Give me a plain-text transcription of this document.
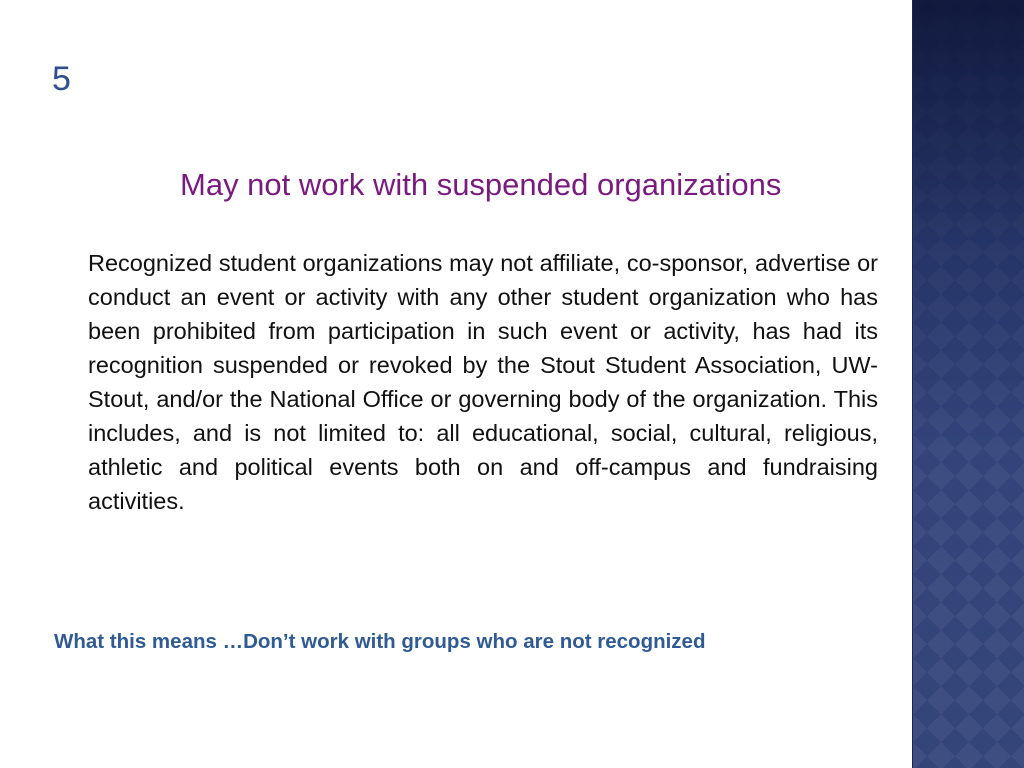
5
May not work with suspended organizations

Recognized student organizations may not affiliate, co-sponsor, advertise or conduct an event or activity with any other student organization who has been prohibited from participation in such event or activity, has had its recognition suspended or revoked by the Stout Student Association, UW-Stout, and/or the National Office or governing body of the organization. This includes, and is not limited to: all educational, social, cultural, religious, athletic and political events both on and off-campus and fundraising activities.

What this means …Don’t work with groups who are not recognized
